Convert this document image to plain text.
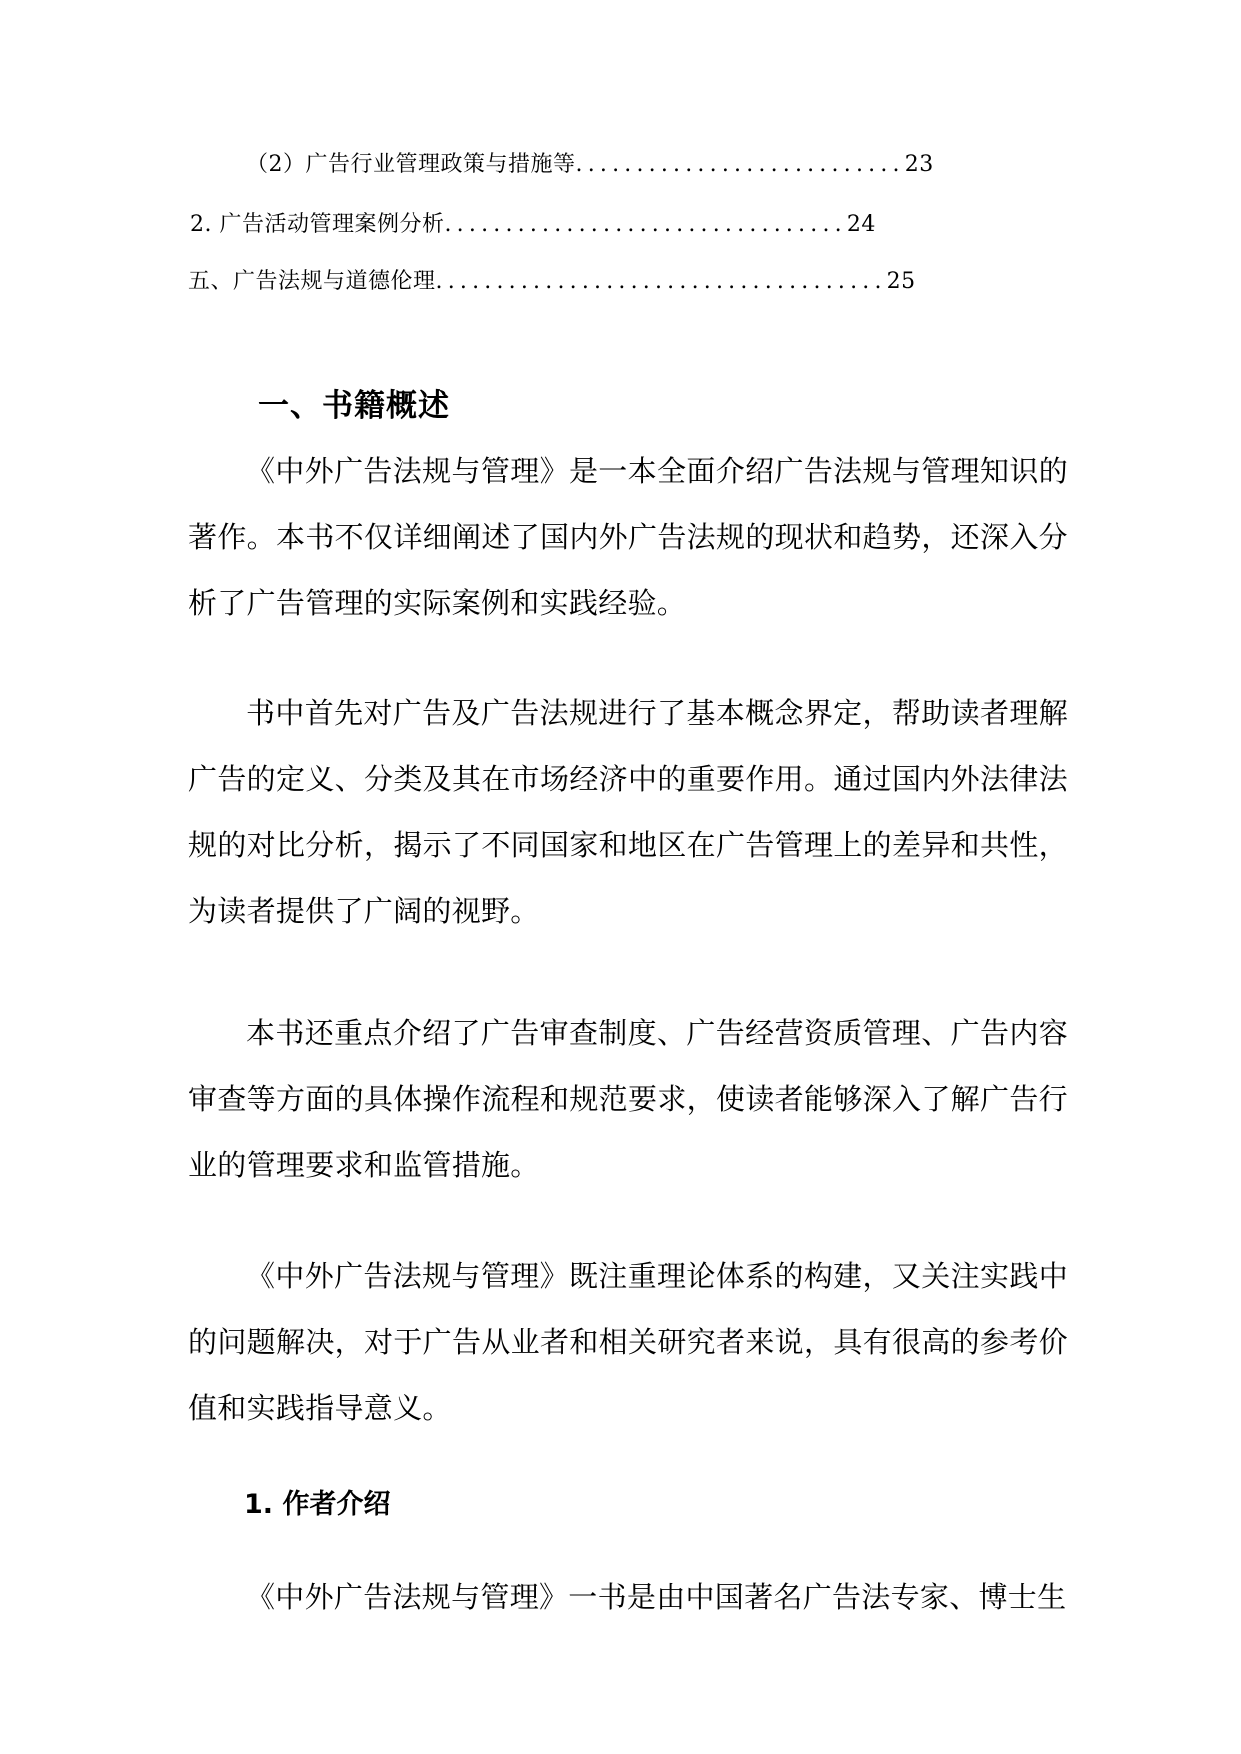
（2）广告行业管理政策与措施等...........................23
2. 广告活动管理案例分析.................................24
五、广告法规与道德伦理.....................................25
一、书籍概述

《中外广告法规与管理》是一本全面介绍广告法规与管理知识的著作。本书不仅详细阐述了国内外广告法规的现状和趋势，还深入分析了广告管理的实际案例和实践经验。

书中首先对广告及广告法规进行了基本概念界定，帮助读者理解广告的定义、分类及其在市场经济中的重要作用。通过国内外法律法规的对比分析，揭示了不同国家和地区在广告管理上的差异和共性，为读者提供了广阔的视野。

本书还重点介绍了广告审查制度、广告经营资质管理、广告内容审查等方面的具体操作流程和规范要求，使读者能够深入了解广告行业的管理要求和监管措施。

《中外广告法规与管理》既注重理论体系的构建，又关注实践中的问题解决，对于广告从业者和相关研究者来说，具有很高的参考价值和实践指导意义。

1. 作者介绍

《中外广告法规与管理》一书是由中国著名广告法专家、博士生
